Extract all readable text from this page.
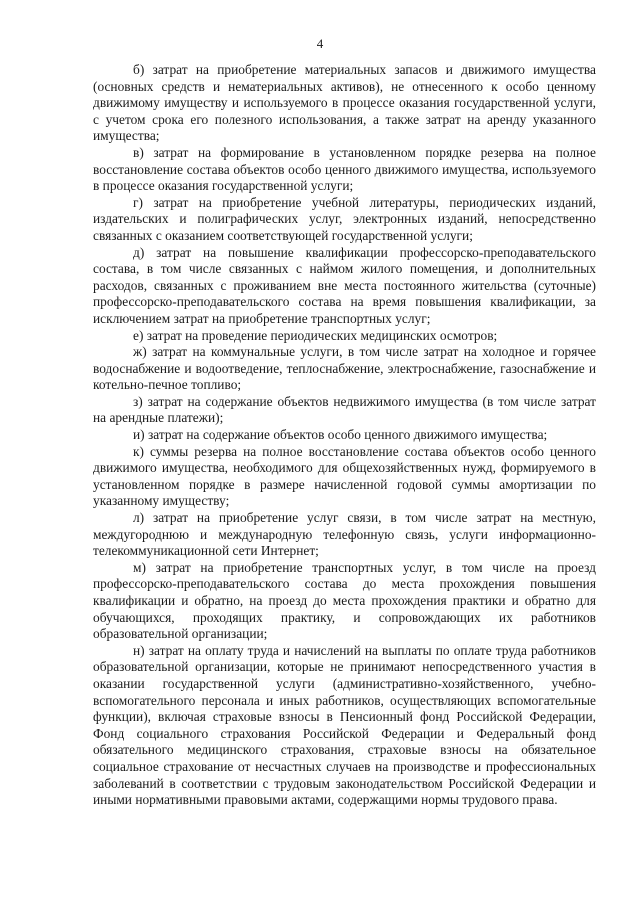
4

б) затрат на приобретение материальных запасов и движимого имущества (основных средств и нематериальных активов), не отнесенного к особо ценному движимому имуществу и используемого в процессе оказания государственной услуги, с учетом срока его полезного использования, а также затрат на аренду указанного имущества;

в) затрат на формирование в установленном порядке резерва на полное восстановление состава объектов особо ценного движимого имущества, используемого в процессе оказания государственной услуги;

г) затрат на приобретение учебной литературы, периодических изданий, издательских и полиграфических услуг, электронных изданий, непосредственно связанных с оказанием соответствующей государственной услуги;

д) затрат на повышение квалификации профессорско-преподавательского состава, в том числе связанных с наймом жилого помещения, и дополнительных расходов, связанных с проживанием вне места постоянного жительства (суточные) профессорско-преподавательского состава на время повышения квалификации, за исключением затрат на приобретение транспортных услуг;

е) затрат на проведение периодических медицинских осмотров;

ж) затрат на коммунальные услуги, в том числе затрат на холодное и горячее водоснабжение и водоотведение, теплоснабжение, электроснабжение, газоснабжение и котельно-печное топливо;

з) затрат на содержание объектов недвижимого имущества (в том числе затрат на арендные платежи);

и) затрат на содержание объектов особо ценного движимого имущества;

к) суммы резерва на полное восстановление состава объектов особо ценного движимого имущества, необходимого для общехозяйственных нужд, формируемого в установленном порядке в размере начисленной годовой суммы амортизации по указанному имуществу;

л) затрат на приобретение услуг связи, в том числе затрат на местную, междугороднюю и международную телефонную связь, услуги информационно-телекоммуникационной сети Интернет;

м) затрат на приобретение транспортных услуг, в том числе на проезд профессорско-преподавательского состава до места прохождения повышения квалификации и обратно, на проезд до места прохождения практики и обратно для обучающихся, проходящих практику, и сопровождающих их работников образовательной организации;

н) затрат на оплату труда и начислений на выплаты по оплате труда работников образовательной организации, которые не принимают непосредственного участия в оказании государственной услуги (административно-хозяйственного, учебно-вспомогательного персонала и иных работников, осуществляющих вспомогательные функции), включая страховые взносы в Пенсионный фонд Российской Федерации, Фонд социального страхования Российской Федерации и Федеральный фонд обязательного медицинского страхования, страховые взносы на обязательное социальное страхование от несчастных случаев на производстве и профессиональных заболеваний в соответствии с трудовым законодательством Российской Федерации и иными нормативными правовыми актами, содержащими нормы трудового права.
